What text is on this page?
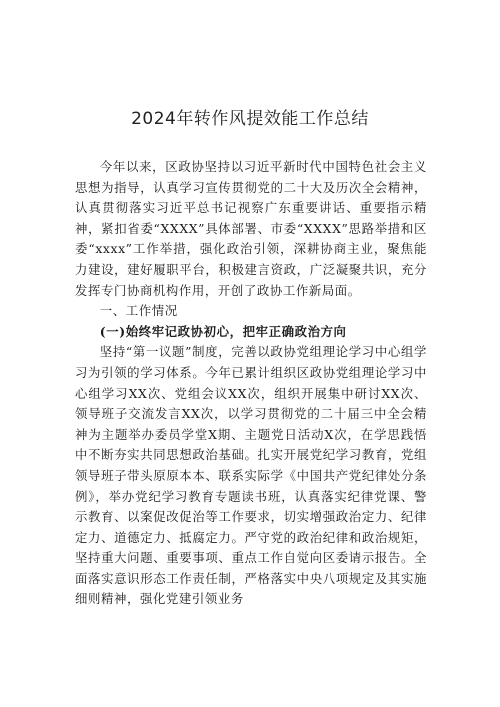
2024年转作风提效能工作总结

今年以来，区政协坚持以习近平新时代中国特色社会主义思想为指导，认真学习宣传贯彻党的二十大及历次全会精神，认真贯彻落实习近平总书记视察广东重要讲话、重要指示精神，紧扣省委“XXXX”具体部署、市委“XXXX”思路举措和区委“xxxx”工作举措，强化政治引领，深耕协商主业，聚焦能力建设，建好履职平台，积极建言资政，广泛凝聚共识，充分发挥专门协商机构作用，开创了政协工作新局面。

一、工作情况

(一)始终牢记政协初心，把牢正确政治方向

坚持“第一议题”制度，完善以政协党组理论学习中心组学习为引领的学习体系。今年已累计组织区政协党组理论学习中心组学习XX次、党组会议XX次，组织开展集中研讨XX次、领导班子交流发言XX次，以学习贯彻党的二十届三中全会精神为主题举办委员学堂X期、主题党日活动X次，在学思践悟中不断夯实共同思想政治基础。扎实开展党纪学习教育，党组领导班子带头原原本本、联系实际学《中国共产党纪律处分条例》，举办党纪学习教育专题读书班，认真落实纪律党课、警示教育、以案促改促治等工作要求，切实增强政治定力、纪律定力、道德定力、抵腐定力。严守党的政治纪律和政治规矩，坚持重大问题、重要事项、重点工作自觉向区委请示报告。全面落实意识形态工作责任制，严格落实中央八项规定及其实施细则精神，强化党建引领业务
